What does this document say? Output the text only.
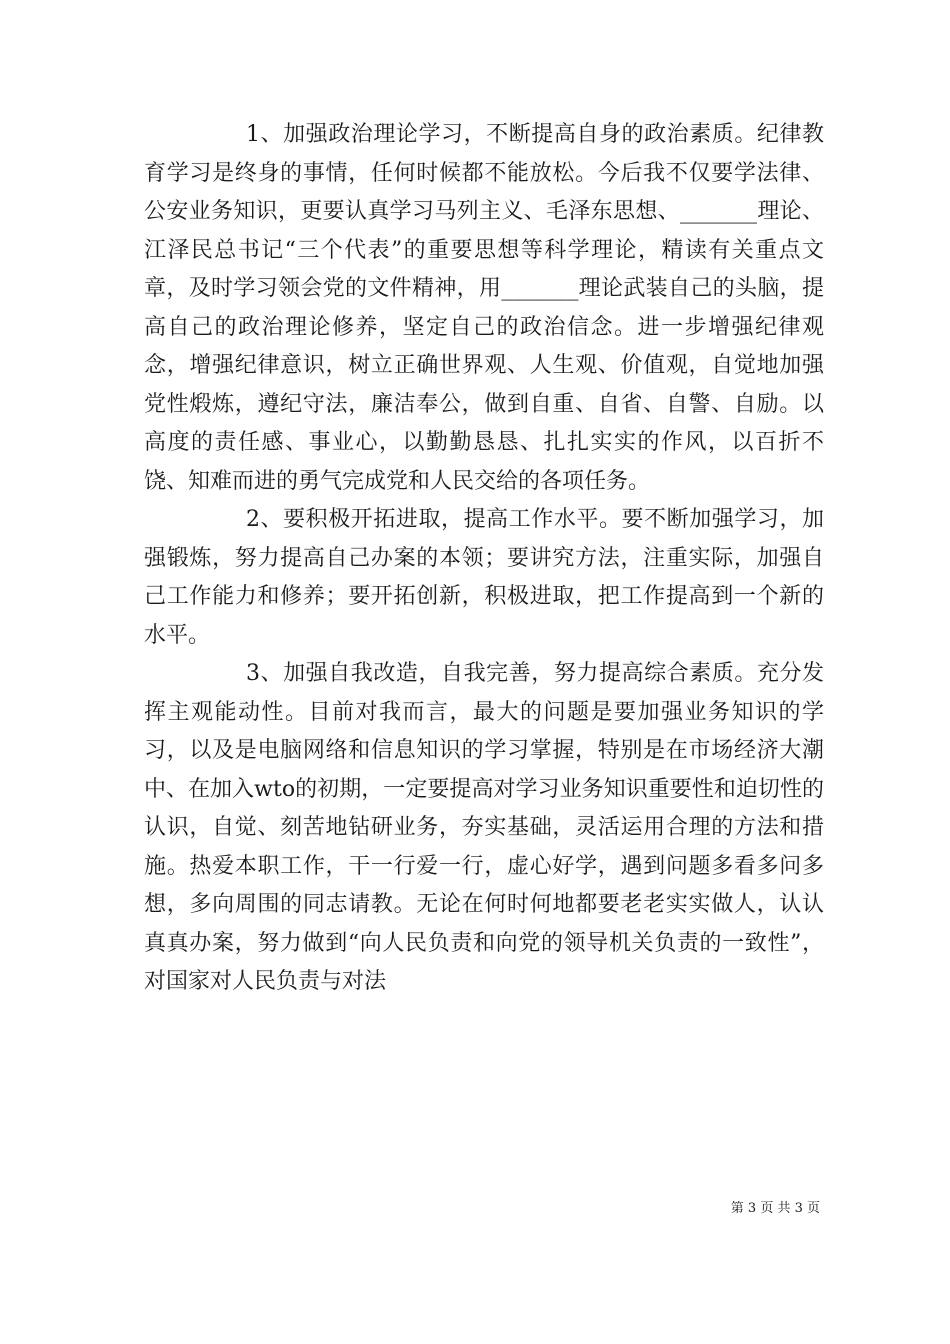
1、加强政治理论学习，不断提高自身的政治素质。纪律教育学习是终身的事情，任何时候都不能放松。今后我不仅要学法律、公安业务知识，更要认真学习马列主义、毛泽东思想、_______理论、江泽民总书记“三个代表”的重要思想等科学理论，精读有关重点文章，及时学习领会党的文件精神，用_______理论武装自己的头脑，提高自己的政治理论修养，坚定自己的政治信念。进一步增强纪律观念，增强纪律意识，树立正确世界观、人生观、价值观，自觉地加强党性煅炼，遵纪守法，廉洁奉公，做到自重、自省、自警、自励。以高度的责任感、事业心，以勤勤恳恳、扎扎实实的作风，以百折不饶、知难而进的勇气完成党和人民交给的各项任务。

2、要积极开拓进取，提高工作水平。要不断加强学习，加强锻炼，努力提高自己办案的本领；要讲究方法，注重实际，加强自己工作能力和修养；要开拓创新，积极进取，把工作提高到一个新的水平。

3、加强自我改造，自我完善，努力提高综合素质。充分发挥主观能动性。目前对我而言，最大的问题是要加强业务知识的学习，以及是电脑网络和信息知识的学习掌握，特别是在市场经济大潮中、在加入wto的初期，一定要提高对学习业务知识重要性和迫切性的认识，自觉、刻苦地钻研业务，夯实基础，灵活运用合理的方法和措施。热爱本职工作，干一行爱一行，虚心好学，遇到问题多看多问多想，多向周围的同志请教。无论在何时何地都要老老实实做人，认认真真办案，努力做到“向人民负责和向党的领导机关负责的一致性”，对国家对人民负责与对法

第 3 页 共 3 页
